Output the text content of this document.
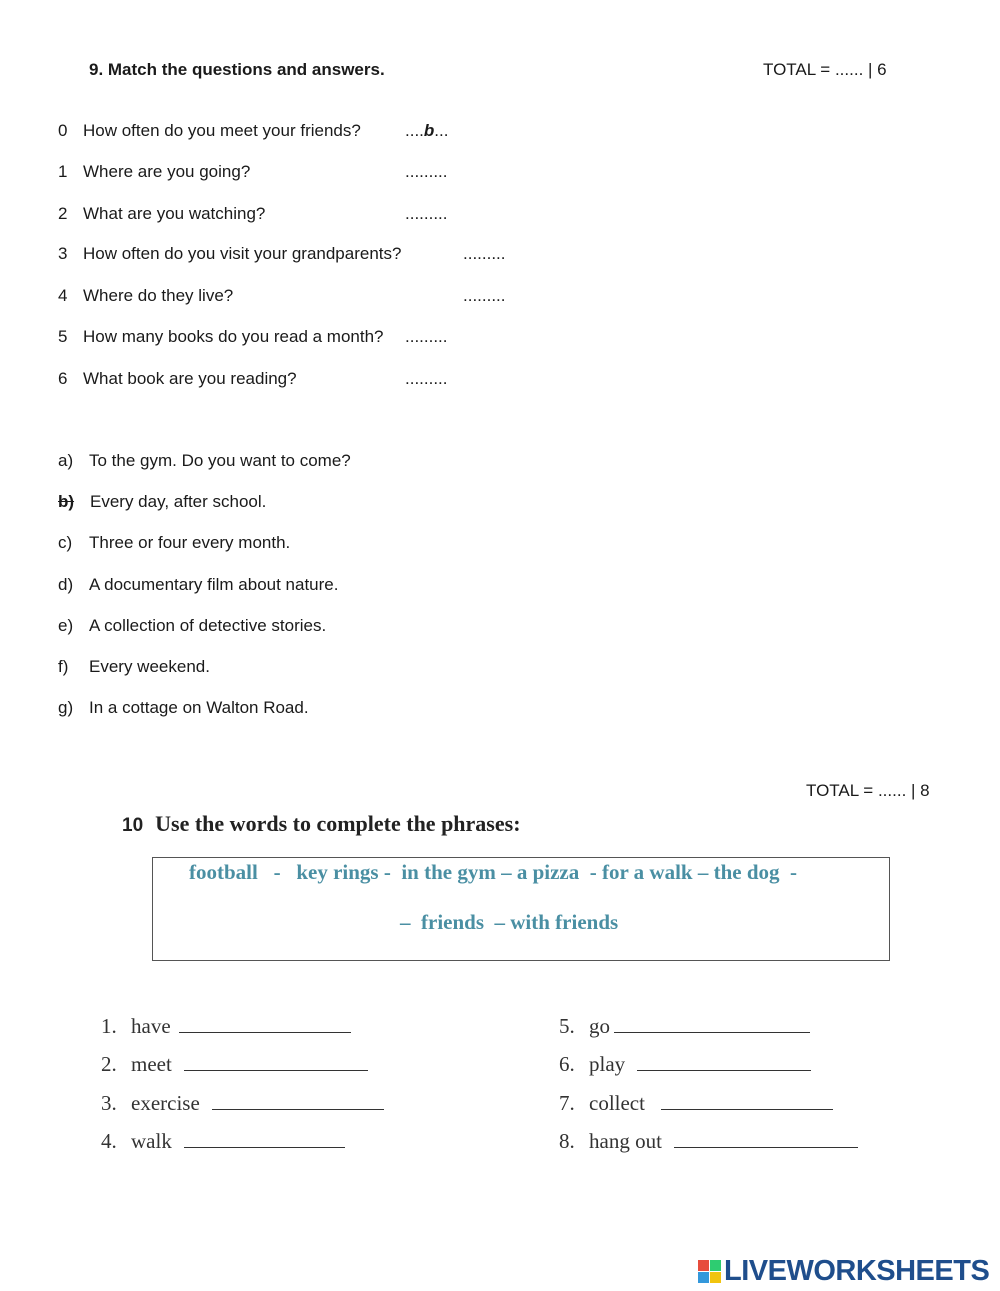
9. Match the questions and answers.	TOTAL = ...... | 6
0 How often do you meet your friends?	....b...
1 Where are you going?	.........
2 What are you watching?	.........
3 How often do you visit your grandparents?	.........
4 Where do they live?	.........
5 How many books do you read a month? .........
6 What book are you reading?	.........
a) To the gym. Do you want to come?
b) Every day, after school.
c) Three or four every month.
d) A documentary film about nature.
e) A collection of detective stories.
f) Every weekend.
g) In a cottage on Walton Road.
TOTAL = ...... | 8
10 Use the words to complete the phrases:
football   -   key rings -  in the gym – a pizza  - for a walk – the dog  -
–  friends  – with friends
1. have
2. meet
3. exercise
4. walk
5. go
6. play
7. collect
8. hang out
LIVEWORKSHEETS
